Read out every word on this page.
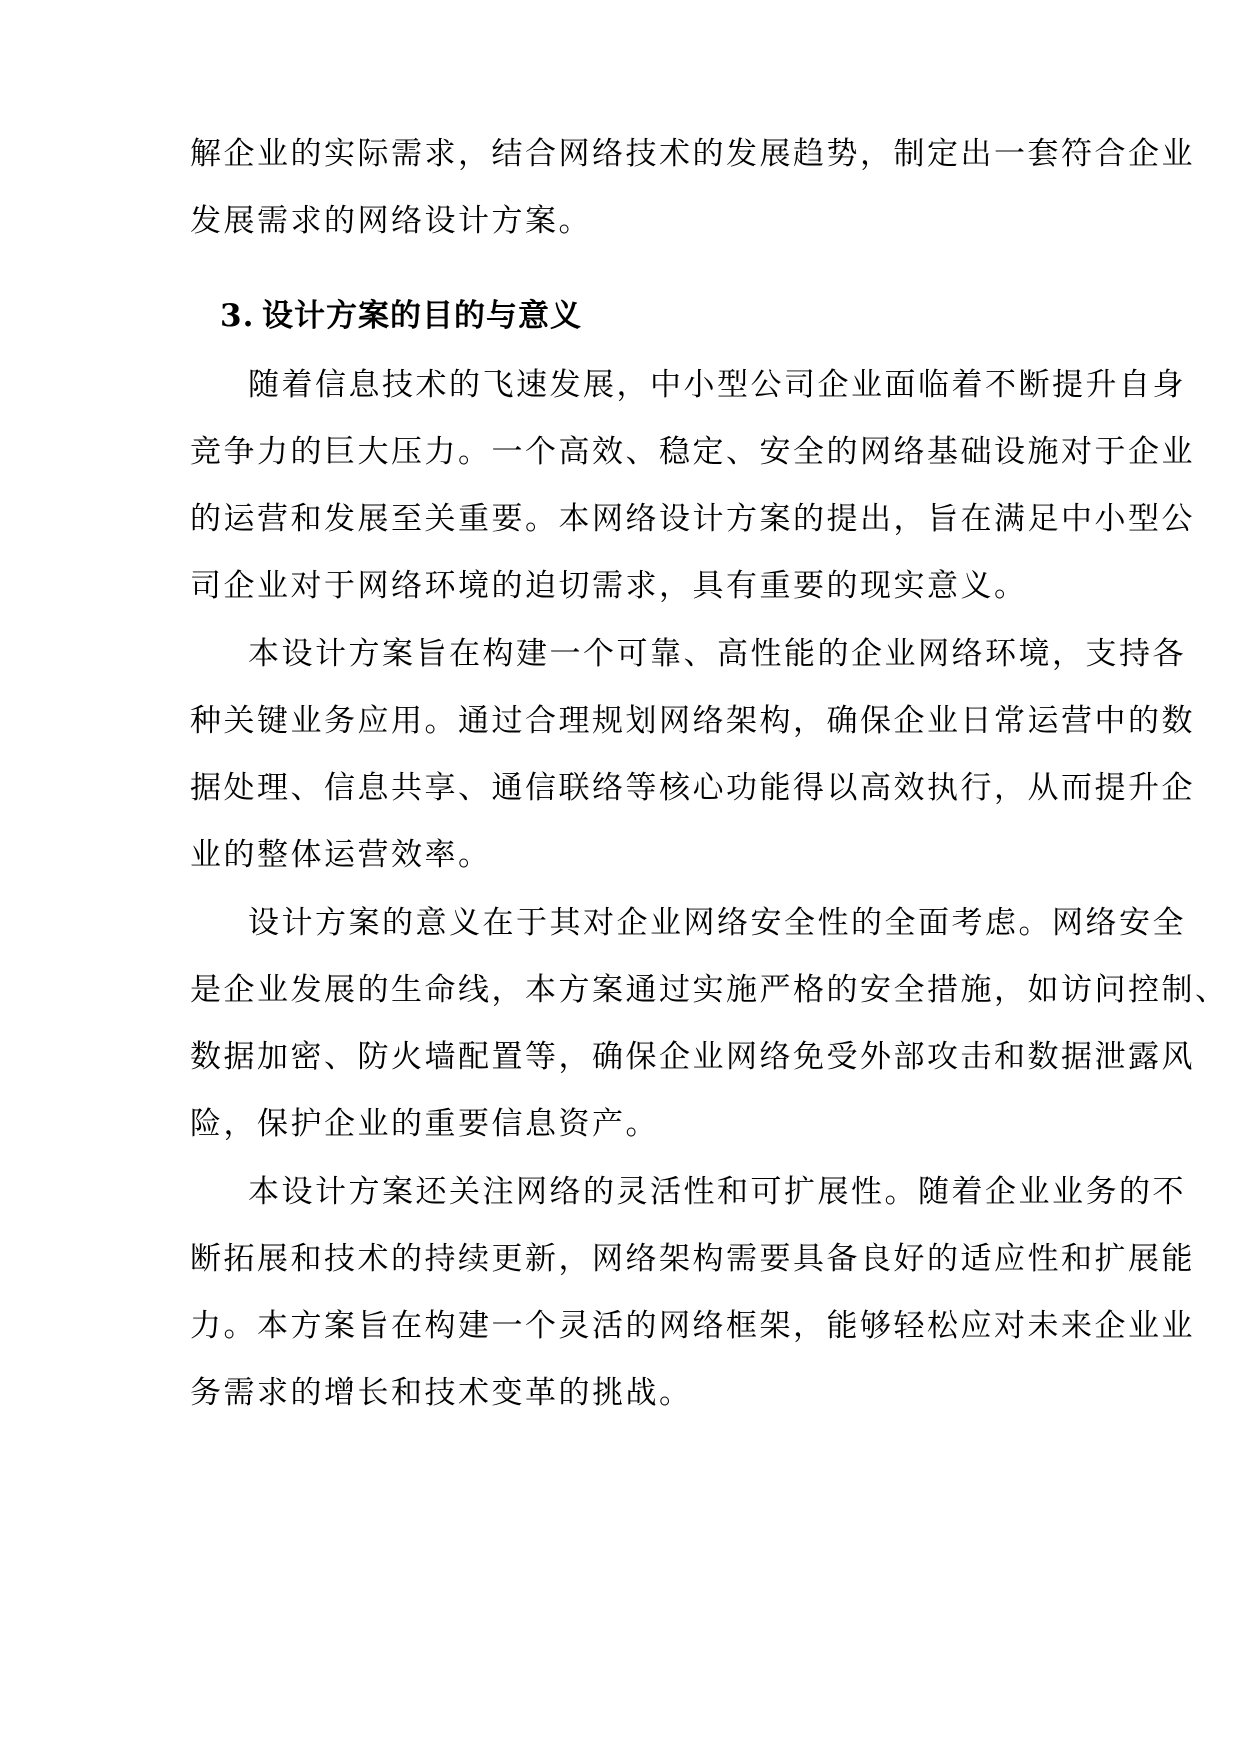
解企业的实际需求，结合网络技术的发展趋势，制定出一套符合企业
发展需求的网络设计方案。
3. 设计方案的目的与意义
随着信息技术的飞速发展，中小型公司企业面临着不断提升自身
竞争力的巨大压力。一个高效、稳定、安全的网络基础设施对于企业
的运营和发展至关重要。本网络设计方案的提出，旨在满足中小型公
司企业对于网络环境的迫切需求，具有重要的现实意义。
本设计方案旨在构建一个可靠、高性能的企业网络环境，支持各
种关键业务应用。通过合理规划网络架构，确保企业日常运营中的数
据处理、信息共享、通信联络等核心功能得以高效执行，从而提升企
业的整体运营效率。
设计方案的意义在于其对企业网络安全性的全面考虑。网络安全
是企业发展的生命线，本方案通过实施严格的安全措施，如访问控制、
数据加密、防火墙配置等，确保企业网络免受外部攻击和数据泄露风
险，保护企业的重要信息资产。
本设计方案还关注网络的灵活性和可扩展性。随着企业业务的不
断拓展和技术的持续更新，网络架构需要具备良好的适应性和扩展能
力。本方案旨在构建一个灵活的网络框架，能够轻松应对未来企业业
务需求的增长和技术变革的挑战。
